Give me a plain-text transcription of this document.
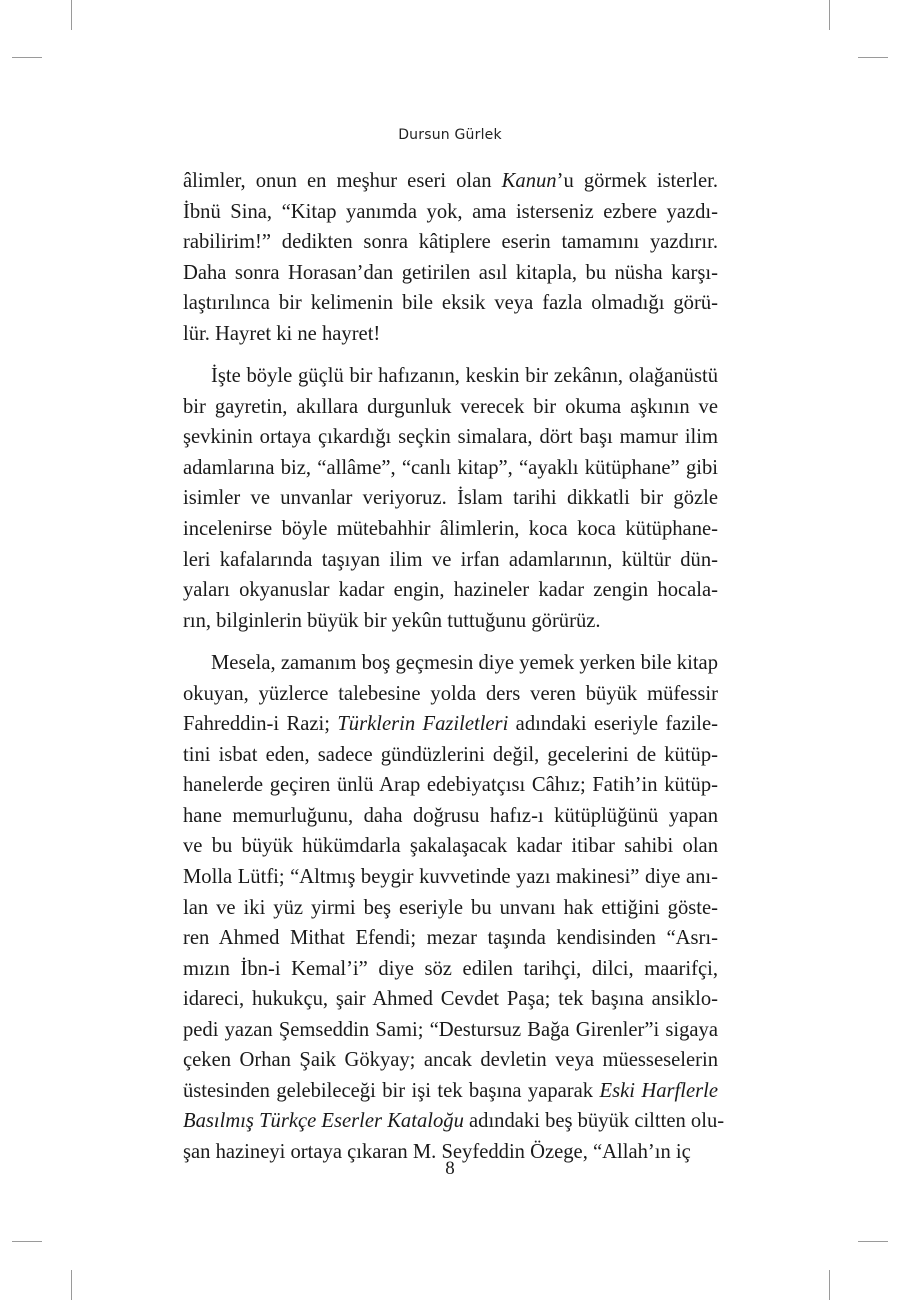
Dursun Gürlek
âlimler, onun en meşhur eseri olan Kanun’u görmek isterler.
İbnü Sina, “Kitap yanımda yok, ama isterseniz ezbere yazdı-
rabilirim!” dedikten sonra kâtiplere eserin tamamını yazdırır.
Daha sonra Horasan’dan getirilen asıl kitapla, bu nüsha karşı-
laştırılınca bir kelimenin bile eksik veya fazla olmadığı görü-
lür. Hayret ki ne hayret!
İşte böyle güçlü bir hafızanın, keskin bir zekânın, olağanüstü
bir gayretin, akıllara durgunluk verecek bir okuma aşkının ve
şevkinin ortaya çıkardığı seçkin simalara, dört başı mamur ilim
adamlarına biz, “allâme”, “canlı kitap”, “ayaklı kütüphane” gibi
isimler ve unvanlar veriyoruz. İslam tarihi dikkatli bir gözle
incelenirse böyle mütebahhir âlimlerin, koca koca kütüphane-
leri kafalarında taşıyan ilim ve irfan adamlarının, kültür dün-
yaları okyanuslar kadar engin, hazineler kadar zengin hocala-
rın, bilginlerin büyük bir yekûn tuttuğunu görürüz.
Mesela, zamanım boş geçmesin diye yemek yerken bile kitap
okuyan, yüzlerce talebesine yolda ders veren büyük müfessir
Fahreddin-i Razi; Türklerin Faziletleri adındaki eseriyle fazile-
tini isbat eden, sadece gündüzlerini değil, gecelerini de kütüp-
hanelerde geçiren ünlü Arap edebiyatçısı Câhız; Fatih’in kütüp-
hane memurluğunu, daha doğrusu hafız-ı kütüplüğünü yapan
ve bu büyük hükümdarla şakalaşacak kadar itibar sahibi olan
Molla Lütfi; “Altmış beygir kuvvetinde yazı makinesi” diye anı-
lan ve iki yüz yirmi beş eseriyle bu unvanı hak ettiğini göste-
ren Ahmed Mithat Efendi; mezar taşında kendisinden “Asrı-
mızın İbn-i Kemal’i” diye söz edilen tarihçi, dilci, maarifçi,
idareci, hukukçu, şair Ahmed Cevdet Paşa; tek başına ansiklo-
pedi yazan Şemseddin Sami; “Destursuz Bağa Girenler”i sigaya
çeken Orhan Şaik Gökyay; ancak devletin veya müesseselerin
üstesinden gelebileceği bir işi tek başına yaparak Eski Harflerle
Basılmış Türkçe Eserler Kataloğu adındaki beş büyük ciltten olu-
şan hazineyi ortaya çıkaran M. Seyfeddin Özege, “Allah’ın iç
8
